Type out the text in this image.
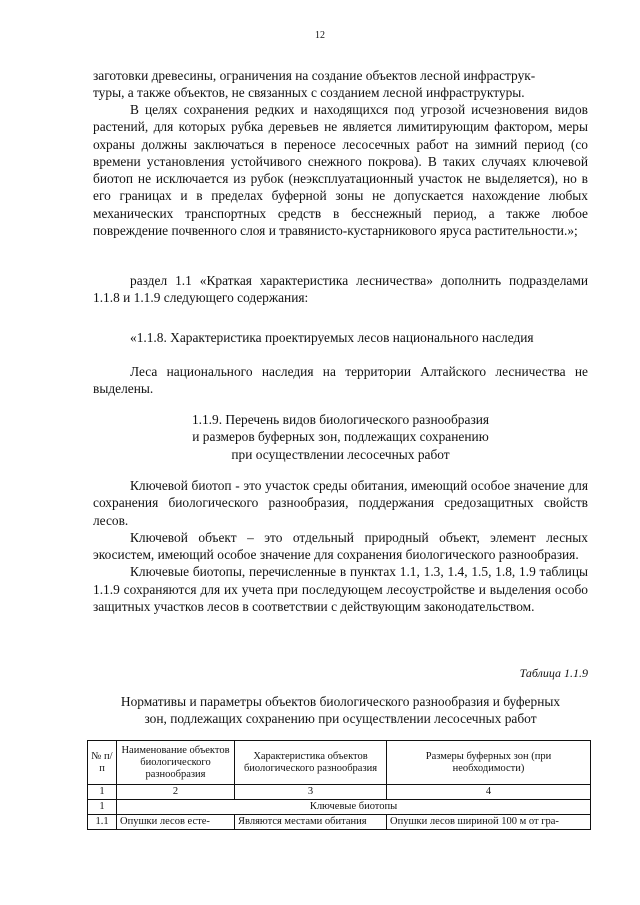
12
заготовки древесины, ограничения на создание объектов лесной инфраструк-
туры, а также объектов, не связанных с созданием лесной инфраструктуры.

В целях сохранения редких и находящихся под угрозой исчезновения видов растений, для которых рубка деревьев не является лимитирующим фактором, меры охраны должны заключаться в переносе лесосечных работ на зимний период (со времени установления устойчивого снежного покрова). В таких случаях ключевой биотоп не исключается из рубок (неэксплуатационный участок не выделяется), но в его границах и в пределах буферной зоны не допускается нахождение любых механических транспортных средств в бесснежный период, а также любое повреждение почвенного слоя и травянисто-кустарникового яруса растительности.»;

раздел 1.1 «Краткая характеристика лесничества» дополнить подразделами 1.1.8 и 1.1.9 следующего содержания:

«1.1.8. Характеристика проектируемых лесов национального наследия

Леса национального наследия на территории Алтайского лесничества не выделены.

1.1.9. Перечень видов биологического разнообразия
и размеров буферных зон, подлежащих сохранению
при осуществлении лесосечных работ

Ключевой биотоп - это участок среды обитания, имеющий особое значение для сохранения биологического разнообразия, поддержания средозащитных свойств лесов.

Ключевой объект – это отдельный природный объект, элемент лесных экосистем, имеющий особое значение для сохранения биологического разнообразия.

Ключевые биотопы, перечисленные в пунктах 1.1, 1.3, 1.4, 1.5, 1.8, 1.9 таблицы 1.1.9 сохраняются для их учета при последующем лесоустройстве и выделения особо защитных участков лесов в соответствии с действующим законодательством.

Таблица 1.1.9
Нормативы и параметры объектов биологического разнообразия и буферных
зон, подлежащих сохранению при осуществлении лесосечных работ
№ п/п	Наименование объектов биологического разнообразия	Характеристика объектов биологического разнообразия	Размеры буферных зон (при необходимости)
1	2	3	4
1	Ключевые биотопы		
1.1	Опушки лесов есте-	Являются местами обитания	Опушки лесов шириной 100 м от гра-
